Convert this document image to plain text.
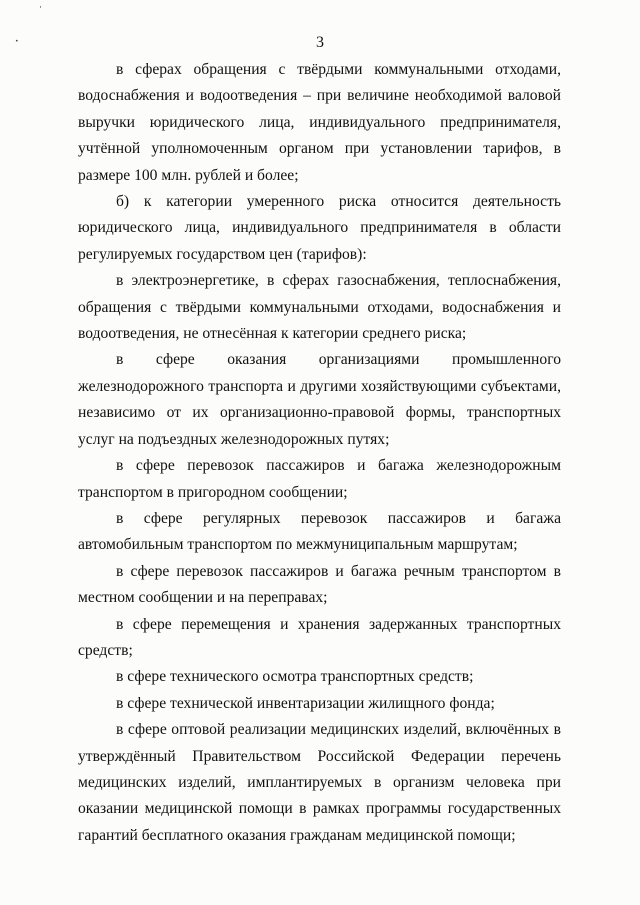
ˊ
•	3

в сферах обращения с твёрдыми коммунальными отходами, водоснабжения и водоотведения – при величине необходимой валовой выручки юридического лица, индивидуального предпринимателя, учтённой уполномоченным органом при установлении тарифов, в размере 100 млн. рублей и более;

б) к категории умеренного риска относится деятельность юридического лица, индивидуального предпринимателя в области регулируемых государством цен (тарифов):

в электроэнергетике, в сферах газоснабжения, теплоснабжения, обращения с твёрдыми коммунальными отходами, водоснабжения и водоотведения, не отнесённая к категории среднего риска;

в сфере оказания организациями промышленного железнодорожного транспорта и другими хозяйствующими субъектами, независимо от их организационно-правовой формы, транспортных услуг на подъездных железнодорожных путях;

в сфере перевозок пассажиров и багажа железнодорожным транспортом в пригородном сообщении;

в сфере регулярных перевозок пассажиров и багажа автомобильным транспортом по межмуниципальным маршрутам;

в сфере перевозок пассажиров и багажа речным транспортом в местном сообщении и на переправах;

в сфере перемещения и хранения задержанных транспортных средств;

в сфере технического осмотра транспортных средств;

в сфере технической инвентаризации жилищного фонда;

в сфере оптовой реализации медицинских изделий, включённых в утверждённый Правительством Российской Федерации перечень медицинских изделий, имплантируемых в организм человека при оказании медицинской помощи в рамках программы государственных гарантий бесплатного оказания гражданам медицинской помощи;
